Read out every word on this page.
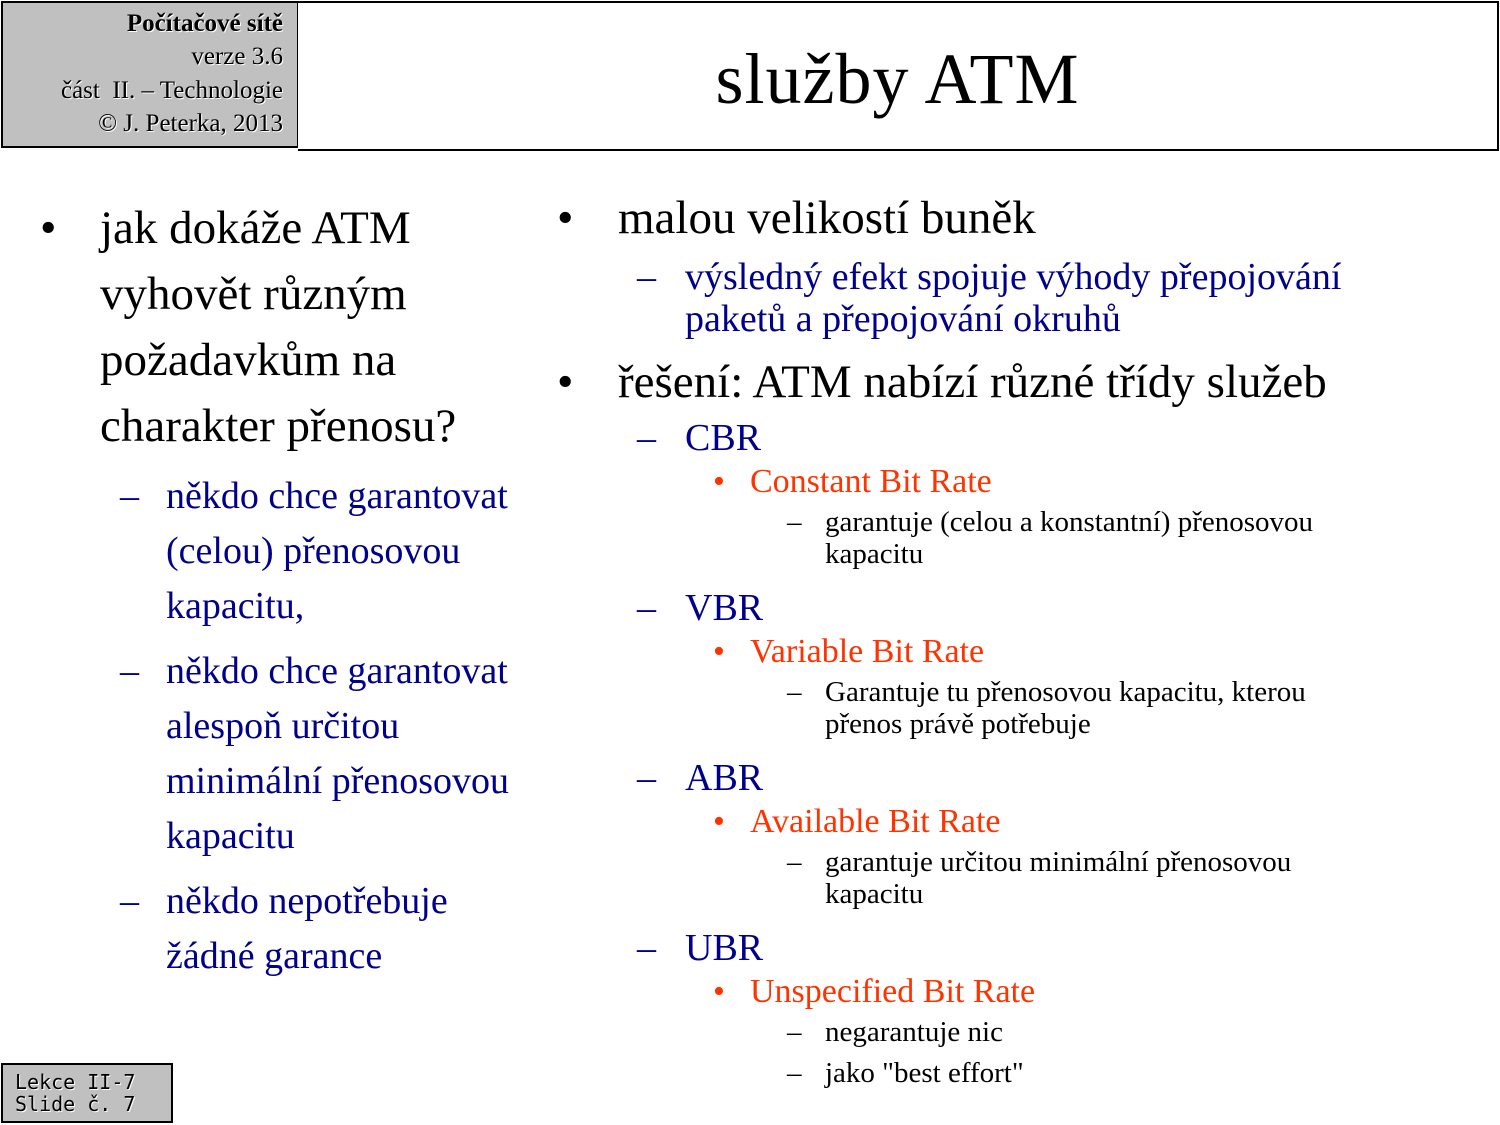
Počítačové sítě
verze 3.6
část  II. – Technologie
© J. Peterka, 2013
služby ATM
• jak dokáže ATM
vyhovět různým
požadavkům na
charakter přenosu?
– někdo chce garantovat
(celou) přenosovou
kapacitu,
– někdo chce garantovat
alespoň určitou
minimální přenosovou
kapacitu
– někdo nepotřebuje
žádné garance
• malou velikostí buněk
– výsledný efekt spojuje výhody přepojování
paketů a přepojování okruhů
• řešení: ATM nabízí různé třídy služeb
– CBR
• Constant Bit Rate
– garantuje (celou a konstantní) přenosovou
kapacitu
– VBR
• Variable Bit Rate
– Garantuje tu přenosovou kapacitu, kterou
přenos právě potřebuje
– ABR
• Available Bit Rate
– garantuje určitou minimální přenosovou
kapacitu
– UBR
• Unspecified Bit Rate
– negarantuje nic
– jako "best effort"
Lekce II-7
Slide č. 7
